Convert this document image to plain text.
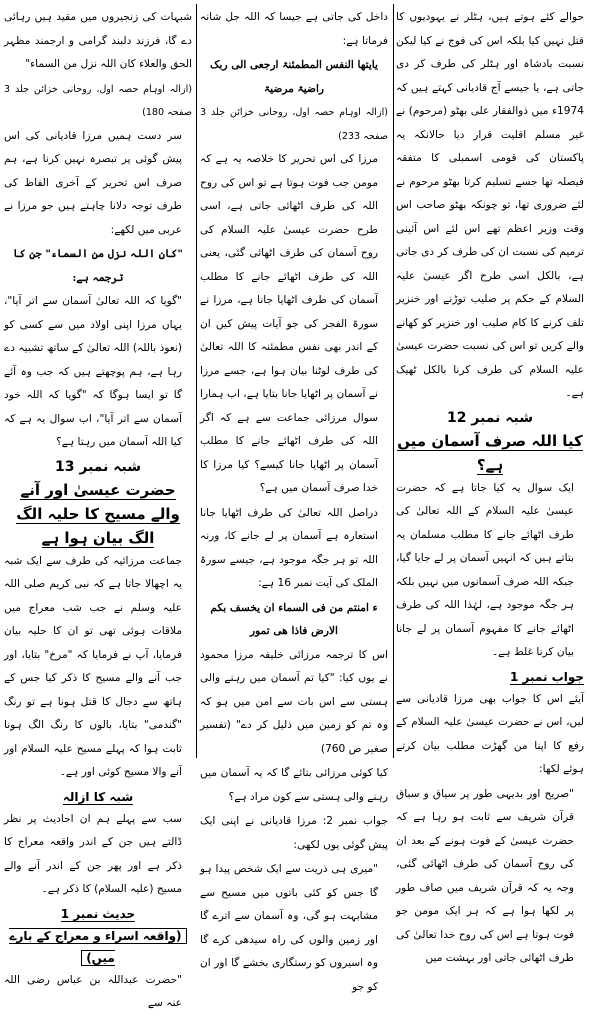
حوالے کئے ہوتے ہیں، ہٹلر نے یہودیوں کا قتل نہیں کیا بلکہ اس کی فوج نے کیا لیکن نسبت بادشاہ اور ہٹلر کی طرف کر دی جاتی ہے، یا جیسے آج قادیانی کہتے ہیں کہ 1974ء میں ذوالفقار علی بھٹو (مرحوم) نے غیر مسلم اقلیت قرار دیا حالانکہ یہ پاکستان کی قومی اسمبلی کا متفقہ فیصلہ تھا جسے تسلیم کرتا بھٹو مرحوم نے لئے ضروری تھا، تو چونکہ بھٹو صاحب اس وقت وزیر اعظم تھے اس لئے اس آئینی ترمیم کی نسبت ان کی طرف کر دی جاتی ہے، بالکل اسی طرح اگر عیسیٰ علیہ السلام کے حکم پر صلیب توڑنے اور خنزیر تلف کرنے کا کام صلیب اور خنزیر کو کھانے والے کریں تو اس کی نسبت حضرت عیسیٰ علیہ السلام کی طرف کرنا بالکل ٹھیک ہے۔

شبہ نمبر 12
کیا اللہ صرف آسمان میں ہے؟

ایک سوال یہ کیا جاتا ہے کہ حضرت عیسیٰ علیہ السلام کے اللہ تعالیٰ کی طرف اٹھائے جانے کا مطلب مسلمان یہ بتاتے ہیں کہ انہیں آسمان پر لے جایا گیا، جبکہ اللہ صرف آسمانوں میں نہیں بلکہ ہر جگہ موجود ہے، لہٰذا اللہ کی طرف اٹھائے جانے کا مفہوم آسمان پر لے جانا بیان کرنا غلط ہے۔

جواب نمبر 1

آیئے اس کا جواب بھی مرزا قادیانی سے لیں، اس نے حضرت عیسیٰ علیہ السلام کے رفع کا اپنا من گھڑت مطلب بیان کرتے ہوئے لکھا:

"صریح اور بدیہی طور پر سیاق و سباق قرآن شریف سے ثابت ہو رہا ہے کہ حضرت عیسیٰ کے فوت ہونے کے بعد ان کی روح آسمان کی طرف اٹھائی گئی، وجہ یہ کہ قرآن شریف میں صاف طور پر لکھا ہوا ہے کہ ہر ایک مومن جو فوت ہوتا ہے اس کی روح خدا تعالیٰ کی طرف اٹھائی جاتی اور بہشت میں

داخل کی جاتی ہے جیسا کہ اللہ جل شانہ فرماتا ہے:

یایتھا النفس المطمئنۃ ارجعی الی ربک

راضیۃ مرضیۃ

(ازالہ اوہام حصہ اول، روحانی خزائن جلد 3 صفحہ 233)

مرزا کی اس تحریر کا خلاصہ یہ ہے کہ مومن جب فوت ہوتا ہے تو اس کی روح اللہ کی طرف اٹھائی جاتی ہے، اسی طرح حضرت عیسیٰ علیہ السلام کی روح آسمان کی طرف اٹھائی گئی، یعنی اللہ کی طرف اٹھائے جانے کا مطلب آسمان کی طرف اٹھایا جانا ہے، مرزا نے سورۃ الفجر کی جو آیات پیش کیں ان کے اندر بھی نفس مطمئنہ کا اللہ تعالیٰ کی طرف لوٹنا بیان ہوا ہے، جسے مرزا نے آسمان پر اٹھایا جانا بتایا ہے، اب ہمارا سوال مرزائی جماعت سے ہے کہ اگر اللہ کی طرف اٹھائے جانے کا مطلب آسمان پر اٹھایا جانا کیسے؟ کیا مرزا کا خدا صرف آسمان میں ہے؟

دراصل اللہ تعالیٰ کی طرف اٹھایا جانا استعارہ ہے آسمان پر لے جانے کا، ورنہ اللہ تو ہر جگہ موجود ہے، جیسے سورۃ الملک کی آیت نمبر 16 ہے:

ء امنتم من فی السماء ان یخسف بکم الارض فاذا ھی تمور

اس کا ترجمہ مرزائی خلیفہ مرزا محمود نے یوں کیا: "کیا تم آسمان میں رہنے والی ہستی سے اس بات سے امن میں ہو کہ وہ تم کو زمین میں ذلیل کر دے" (تفسیر صغیر ص 760)

کیا کوئی مرزائی بتائے گا کہ یہ آسمان میں رہنے والی ہستی سے کون مراد ہے؟

جواب نمبر 2: مرزا قادیانی نے اپنی ایک پیش گوئی یوں لکھی:

"میری ہی ذریت سے ایک شخص پیدا ہو گا جس کو کئی باتوں میں مسیح سے مشابہت ہو گی، وہ آسمان سے اترے گا اور زمین والوں کی راہ سیدھی کرے گا وہ اسیروں کو رستگاری بخشے گا اور ان کو جو

شبہات کی زنجیروں میں مقید ہیں رہائی دے گا، فرزند دلبند گرامی و ارجمند مظہر الحق والعلاء کان اللہ نزل من السماء"

(ازالہ اوہام حصہ اول، روحانی خزائن جلد 3 صفحہ 180)

سر دست ہمیں مرزا قادیانی کی اس پیش گوئی پر تبصرہ نہیں کرنا ہے، ہم صرف اس تحریر کے آخری الفاظ کی طرف توجہ دلانا چاہتے ہیں جو مرزا نے عربی میں لکھے:

"کان اللہ نزل من السماء" جن کا ترجمہ ہے:

"گویا کہ اللہ تعالیٰ آسمان سے اتر آیا"، یہاں مرزا اپنی اولاد میں سے کسی کو (نعوذ باللہ) اللہ تعالیٰ کے ساتھ تشبیہ دے رہا ہے، ہم پوچھتے ہیں کہ جب وہ آئے گا تو ایسا ہوگا کہ "گویا کہ اللہ خود آسمان سے اتر آیا"، اب سوال یہ ہے کہ کیا اللہ آسمان میں رہتا ہے؟

شبہ نمبر 13
حضرت عیسیٰ اور آنے والے مسیح کا حلیہ الگ الگ بیان ہوا ہے

جماعت مرزائیہ کی طرف سے ایک شبہ یہ اچھالا جاتا ہے کہ نبی کریم صلی اللہ علیہ وسلم نے جب شب معراج میں ملاقات ہوئی تھی تو ان کا حلیہ بیان فرمایا، آپ نے فرمایا کہ "مرخ" بتایا، اور جب آنے والے مسیح کا ذکر کیا جس کے ہاتھ سے دجال کا قتل ہونا ہے تو رنگ "گندمی" بتایا، بالوں کا رنگ الگ ہونا ثابت ہوا کہ پہلے مسیح علیہ السلام اور آنے والا مسیح کوئی اور ہے۔

شبہ کا ازالہ

سب سے پہلے ہم ان احادیث پر نظر ڈالتے ہیں جن کے اندر واقعہ معراج کا ذکر ہے اور پھر جن کے اندر آنے والے مسیح (علیہ السلام) کا ذکر ہے۔

حدیث نمبر 1
(واقعہ اسراء و معراج کے بارے میں)

"حضرت عبداللہ بن عباس رضی اللہ عنہ سے
